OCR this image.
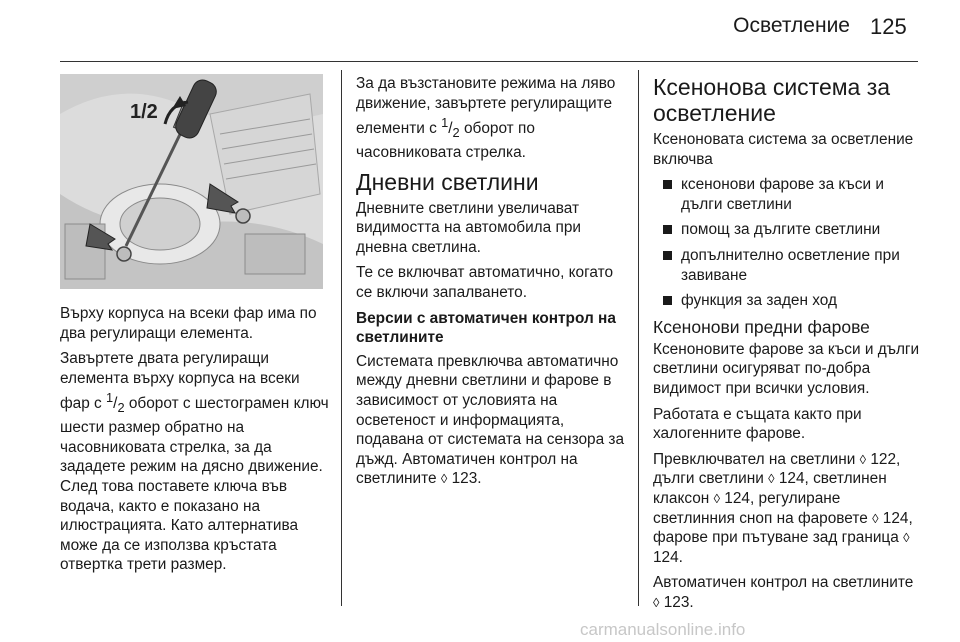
Осветление 125
1/2

Върху корпуса на всеки фар има по два регулиращи елемента.

Завъртете двата регулиращи елемента върху корпуса на всеки фар с $^1/_2$ оборот с шестограмен ключ шести размер обратно на часовниковата стрелка, за да зададете режим на дясно движение. След това поставете ключа във водача, както е показано на илюстрацията. Като алтернатива може да се използва кръстата отвертка трети размер.

За да възстановите режима на ляво движение, завъртете регулиращите елементи с $^1/_2$ оборот по часовниковата стрелка.

Дневни светлини

Дневните светлини увеличават видимостта на автомобила при дневна светлина.

Те се включват автоматично, когато се включи запалването.

Версии с автоматичен контрол на светлините

Системата превключва автоматично между дневни светлини и фарове в зависимост от условията на осветеност и информацията, подавана от системата на сензора за дъжд. Автоматичен контрол на светлините ◊ 123.

Ксенонова система за осветление

Ксеноновата система за осветление включва

ксенонови фарове за къси и дълги светлини
помощ за дългите светлини
допълнително осветление при завиване
функция за заден ход
Ксенонови предни фарове

Ксеноновите фарове за къси и дълги светлини осигуряват по-добра видимост при всички условия.

Работата е същата както при халогенните фарове.

Превключвател на светлини ◊ 122, дълги светлини ◊ 124, светлинен клаксон ◊ 124, регулиране светлинния сноп на фаровете ◊ 124, фарове при пътуване зад граница ◊ 124.

Автоматичен контрол на светлините ◊ 123.

carmanualsonline.info
